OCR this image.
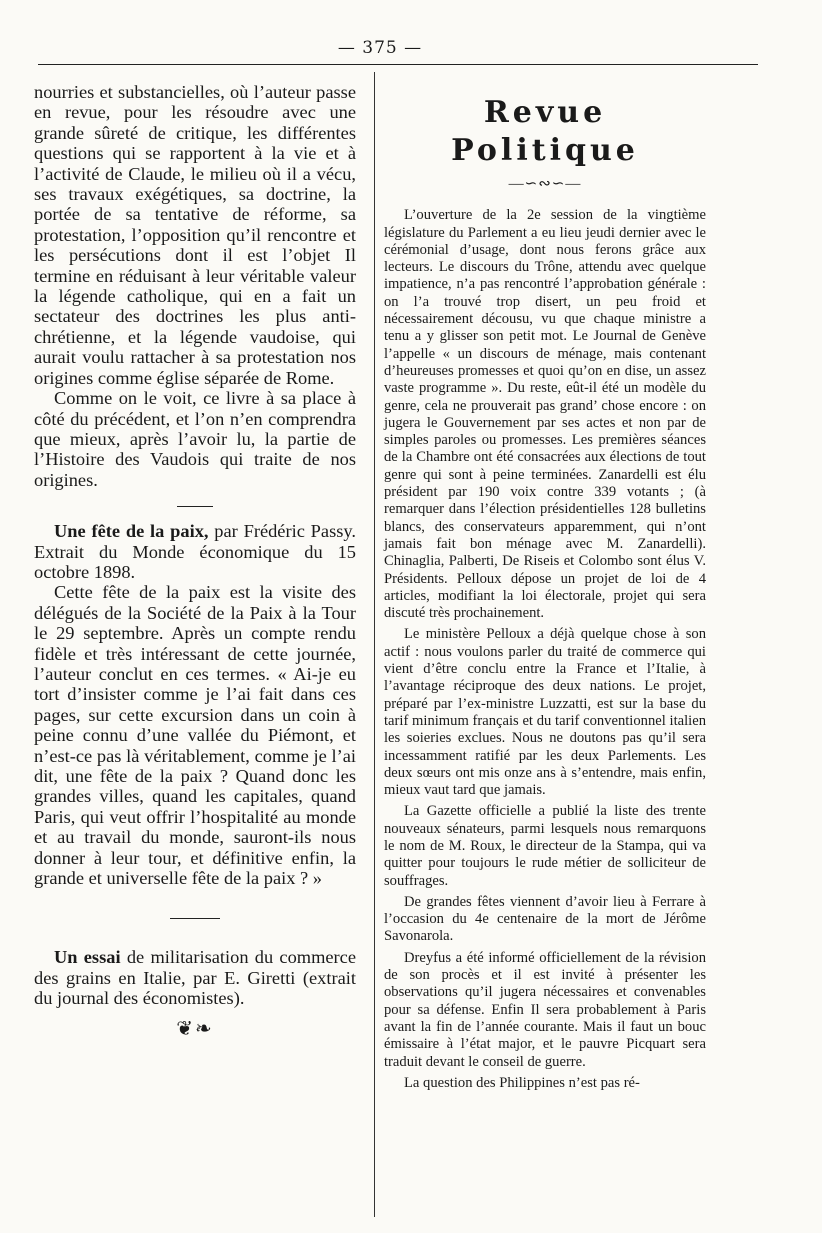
— 375 —

nourries et substancielles, où l’auteur passe en revue, pour les résoudre avec une grande sûreté de critique, les différentes questions qui se rapportent à la vie et à l’activité de Claude, le milieu où il a vécu, ses travaux exégétiques, sa doctrine, la portée de sa tentative de réforme, sa protestation, l’opposition qu’il rencontre et les persécutions dont il est l’objet Il termine en réduisant à leur véritable valeur la légende catholique, qui en a fait un sectateur des doctrines les plus anti-chrétienne, et la légende vaudoise, qui aurait voulu rattacher à sa protestation nos origines comme église séparée de Rome.

Comme on le voit, ce livre à sa place à côté du précédent, et l’on n’en comprendra que mieux, après l’avoir lu, la partie de l’Histoire des Vaudois qui traite de nos origines.

Une fête de la paix, par Frédéric Passy. Extrait du Monde économique du 15 octobre 1898.

Cette fête de la paix est la visite des délégués de la Société de la Paix à la Tour le 29 septembre. Après un compte rendu fidèle et très intéressant de cette journée, l’auteur conclut en ces termes. « Ai-je eu tort d’insister comme je l’ai fait dans ces pages, sur cette excursion dans un coin à peine connu d’une vallée du Piémont, et n’est-ce pas là véritablement, comme je l’ai dit, une fête de la paix ? Quand donc les grandes villes, quand les capitales, quand Paris, qui veut offrir l’hospitalité au monde et au travail du monde, sauront-ils nous donner à leur tour, et définitive enfin, la grande et universelle fête de la paix ? »

Un essai de militarisation du commerce des grains en Italie, par E. Giretti (extrait du journal des économistes).

❦❧
Revue Politique
—∽∾∽—

L’ouverture de la 2e session de la vingtième législature du Parlement a eu lieu jeudi dernier avec le cérémonial d’usage, dont nous ferons grâce aux lecteurs. Le discours du Trône, attendu avec quelque impatience, n’a pas rencontré l’approbation générale : on l’a trouvé trop disert, un peu froid et nécessairement décousu, vu que chaque ministre a tenu a y glisser son petit mot. Le Journal de Genève l’appelle « un discours de ménage, mais contenant d’heureuses promesses et quoi qu’on en dise, un assez vaste programme ». Du reste, eût-il été un modèle du genre, cela ne prouverait pas grand’ chose encore : on jugera le Gouvernement par ses actes et non par de simples paroles ou promesses. Les premières séances de la Chambre ont été consacrées aux élections de tout genre qui sont à peine terminées. Zanardelli est élu président par 190 voix contre 339 votants ; (à remarquer dans l’élection présidentielles 128 bulletins blancs, des conservateurs apparemment, qui n’ont jamais fait bon ménage avec M. Zanardelli). Chinaglia, Palberti, De Riseis et Colombo sont élus V. Présidents. Pelloux dépose un projet de loi de 4 articles, modifiant la loi électorale, projet qui sera discuté très prochainement.

Le ministère Pelloux a déjà quelque chose à son actif : nous voulons parler du traité de commerce qui vient d’être conclu entre la France et l’Italie, à l’avantage réciproque des deux nations. Le projet, préparé par l’ex-ministre Luzzatti, est sur la base du tarif minimum français et du tarif conventionnel italien les soieries exclues. Nous ne doutons pas qu’il sera incessamment ratifié par les deux Parlements. Les deux sœurs ont mis onze ans à s’entendre, mais enfin, mieux vaut tard que jamais.

La Gazette officielle a publié la liste des trente nouveaux sénateurs, parmi lesquels nous remarquons le nom de M. Roux, le directeur de la Stampa, qui va quitter pour toujours le rude métier de solliciteur de souffrages.

De grandes fêtes viennent d’avoir lieu à Ferrare à l’occasion du 4e centenaire de la mort de Jérôme Savonarola.

Dreyfus a été informé officiellement de la révision de son procès et il est invité à présenter les observations qu’il jugera nécessaires et convenables pour sa défense. Enfin Il sera probablement à Paris avant la fin de l’année courante. Mais il faut un bouc émissaire à l’état major, et le pauvre Picquart sera traduit devant le conseil de guerre.

La question des Philippines n’est pas ré-
